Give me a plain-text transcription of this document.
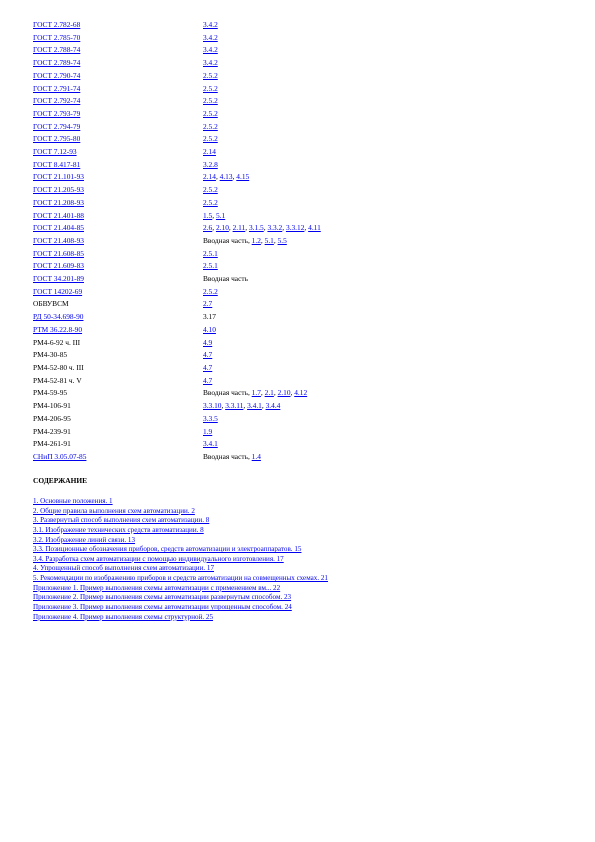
ГОСТ 2.782-68	3.4.2
ГОСТ 2.785-70	3.4.2
ГОСТ 2.788-74	3.4.2
ГОСТ 2.789-74	3.4.2
ГОСТ 2.790-74	2.5.2
ГОСТ 2.791-74	2.5.2
ГОСТ 2.792-74	2.5.2
ГОСТ 2.793-79	2.5.2
ГОСТ 2.794-79	2.5.2
ГОСТ 2.795-80	2.5.2
ГОСТ 7.12-93	2.14
ГОСТ 8.417-81	3.2.8
ГОСТ 21.101-93	2.14, 4.13, 4.15
ГОСТ 21.205-93	2.5.2
ГОСТ 21.208-93	2.5.2
ГОСТ 21.401-88	1.5, 5.1
ГОСТ 21.404-85	2.6, 2.10, 2.11, 3.1.5, 3.3.2, 3.3.12, 4.11
ГОСТ 21.408-93	Вводная часть, 1.2, 5.1, 5.5
ГОСТ 21.608-85	2.5.1
ГОСТ 21.609-83	2.5.1
ГОСТ 34.201-89	Вводная часть
ГОСТ 14202-69	2.5.2
ОБВУВСМ	2.7
РД 50-34.698-90	3.17
РТМ 36.22.8-90	4.10
РМ4-6-92 ч. III	4.9
РМ4-30-85	4.7
РМ4-52-80 ч. III	4.7
РМ4-52-81 ч. V	4.7
РМ4-59-95	Вводная часть, 1.7, 2.1, 2.10, 4.12
РМ4-106-91	3.3.10, 3.3.11, 3.4.1, 3.4.4
РМ4-206-95	3.3.5
РМ4-239-91	1.9
РМ4-261-91	3.4.1
СНиП 3.05.07-85	Вводная часть, 1.4
СОДЕРЖАНИЕ
1. Основные положения. 1
2. Общие правила выполнения схем автоматизации. 2
3. Развернутый способ выполнения схем автоматизации. 8
3.1. Изображение технических средств автоматизации. 8
3.2. Изображение линий связи. 13
3.3. Позиционные обозначения приборов, средств автоматизации и электроаппаратов. 15
3.4. Разработка схем автоматизации с помощью индивидуального изготовления. 17
4. Упрощенный способ выполнения схем автоматизации. 17
5. Рекомендации по изображению приборов и средств автоматизации на совмещенных схемах. 21
Приложение 1. Пример выполнения схемы автоматизации с применением вм... 22
Приложение 2. Пример выполнения схемы автоматизации развернутым способом. 23
Приложение 3. Пример выполнения схемы автоматизации упрощенным способом. 24
Приложение 4. Пример выполнения схемы структурной. 25
